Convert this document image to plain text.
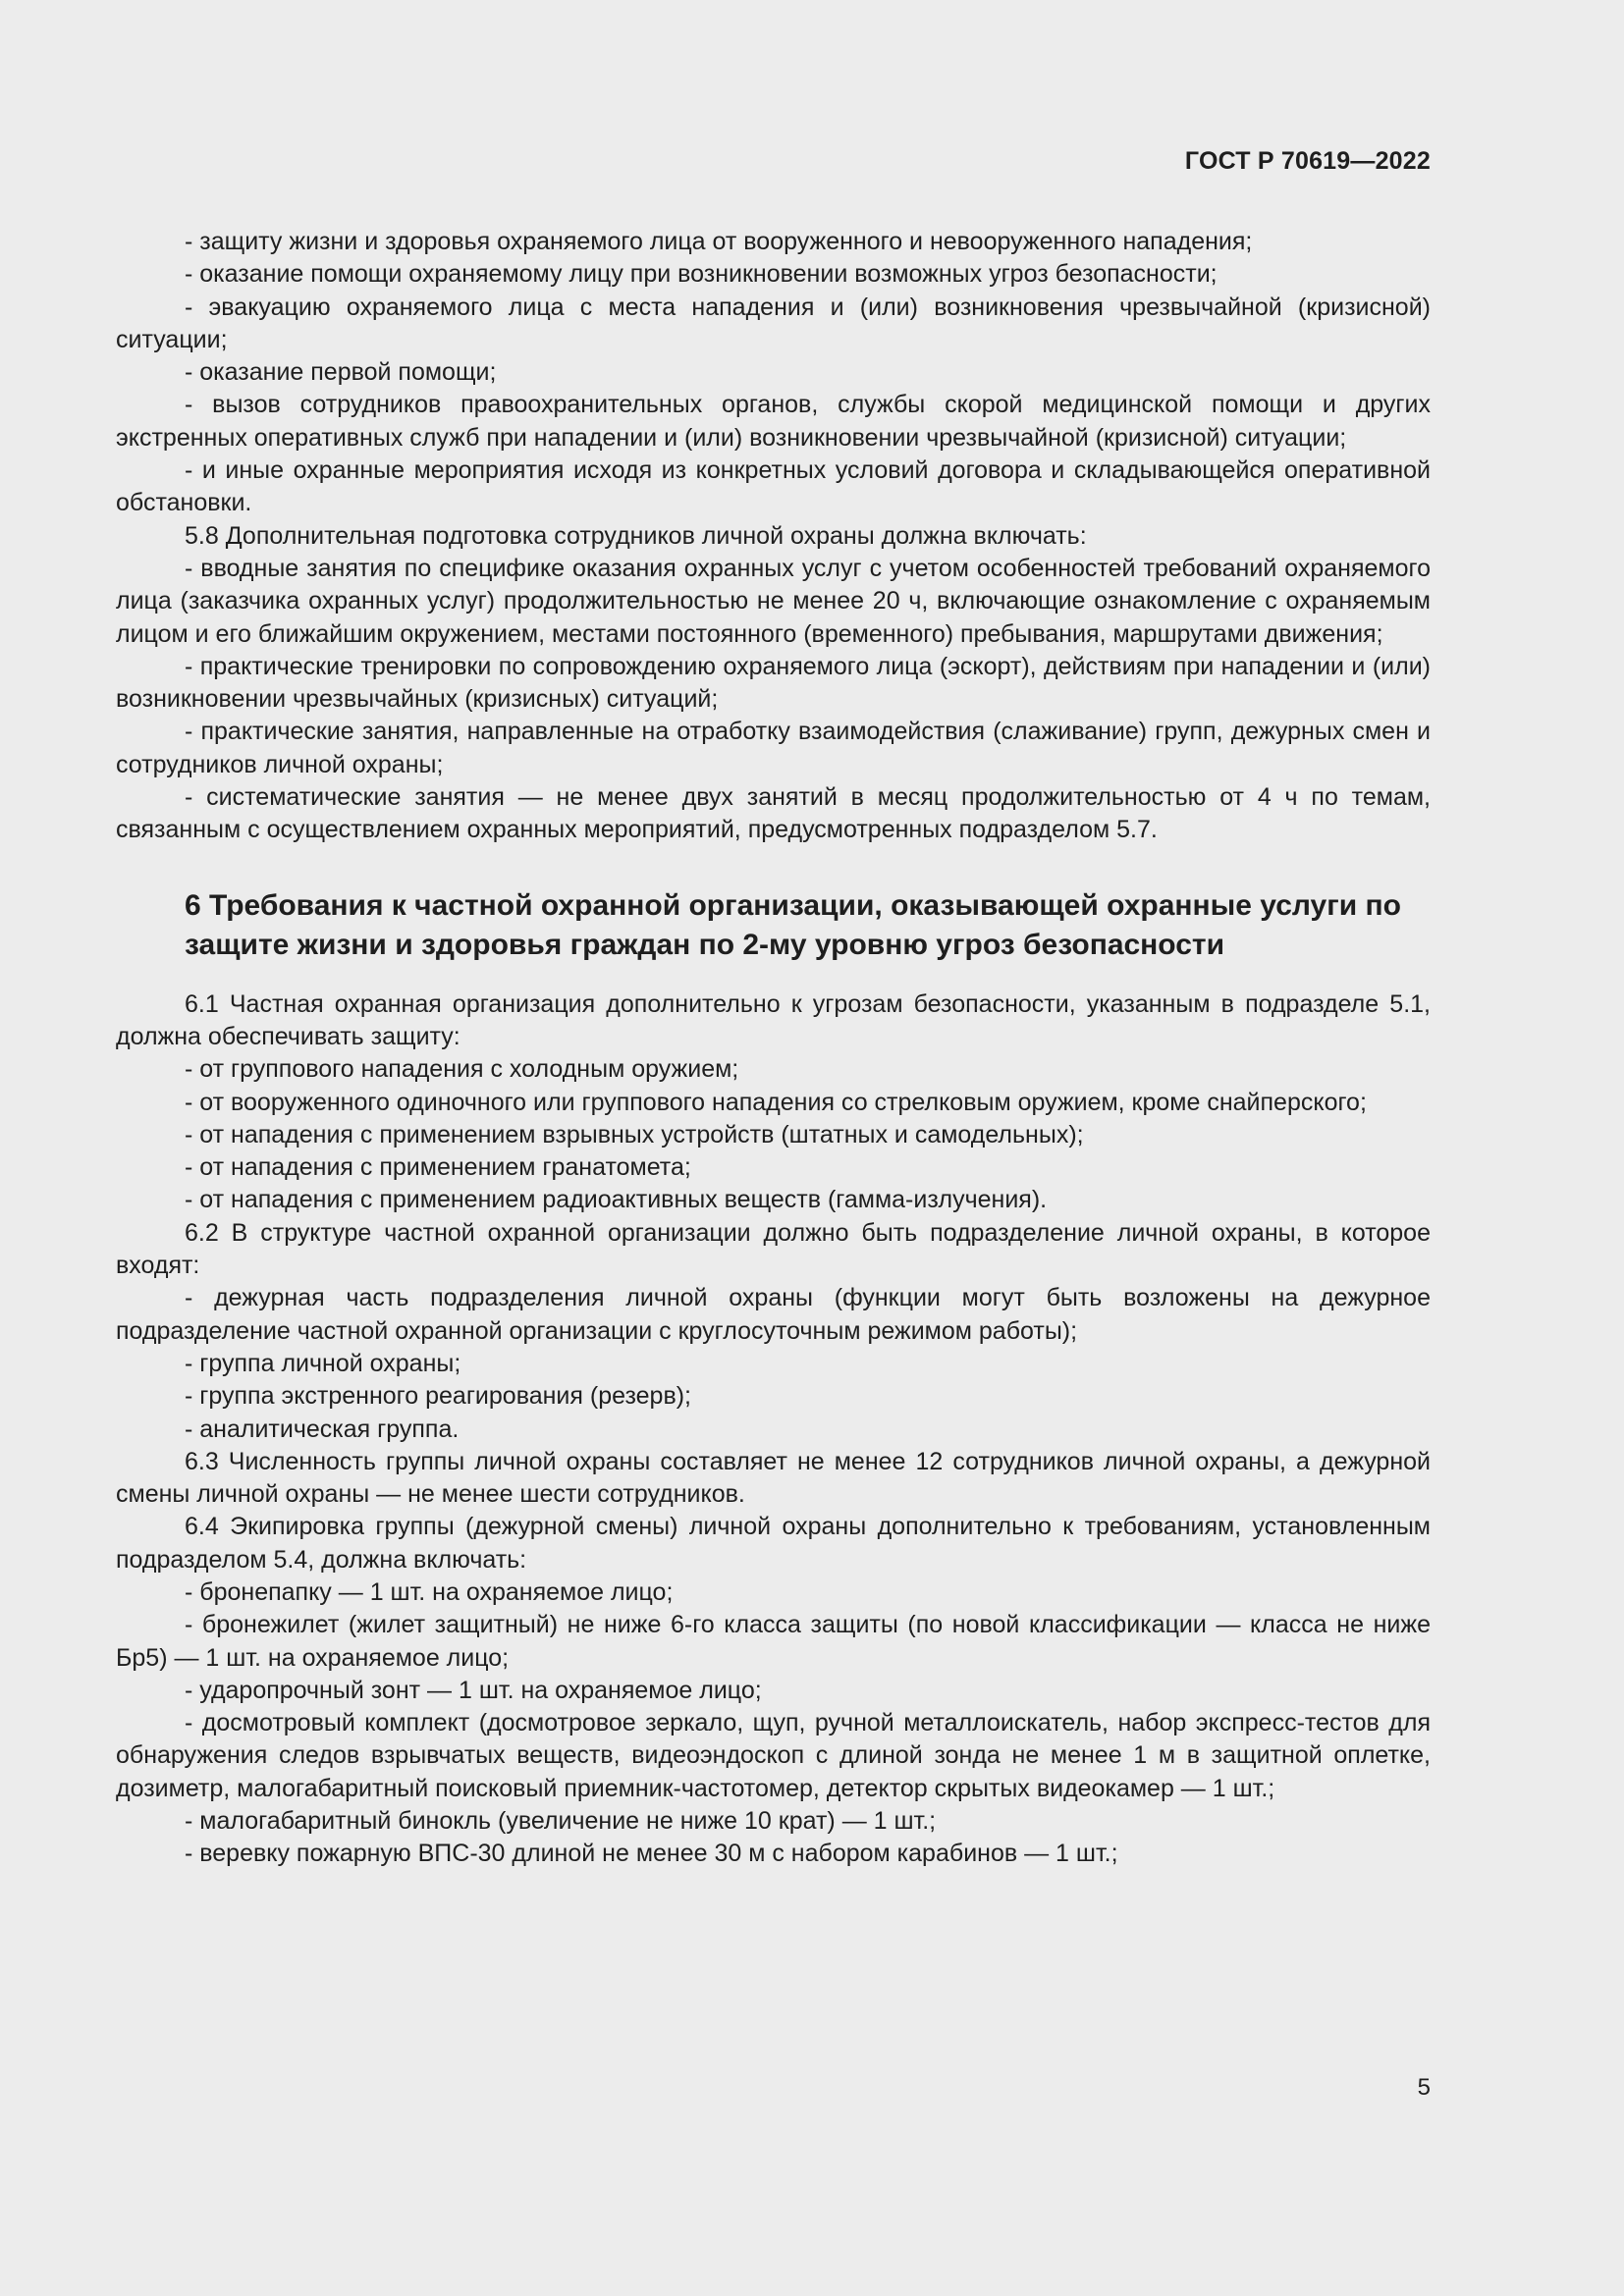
ГОСТ Р 70619—2022

- защиту жизни и здоровья охраняемого лица от вооруженного и невооруженного нападения;

- оказание помощи охраняемому лицу при возникновении возможных угроз безопасности;

- эвакуацию охраняемого лица с места нападения и (или) возникновения чрезвычайной (кризисной) ситуации;

- оказание первой помощи;

- вызов сотрудников правоохранительных органов, службы скорой медицинской помощи и других экстренных оперативных служб при нападении и (или) возникновении чрезвычайной (кризисной) ситуации;

- и иные охранные мероприятия исходя из конкретных условий договора и складывающейся оперативной обстановки.

5.8 Дополнительная подготовка сотрудников личной охраны должна включать:

- вводные занятия по специфике оказания охранных услуг с учетом особенностей требований охраняемого лица (заказчика охранных услуг) продолжительностью не менее 20 ч, включающие ознакомление с охраняемым лицом и его ближайшим окружением, местами постоянного (временного) пребывания, маршрутами движения;

- практические тренировки по сопровождению охраняемого лица (эскорт), действиям при нападении и (или) возникновении чрезвычайных (кризисных) ситуаций;

- практические занятия, направленные на отработку взаимодействия (слаживание) групп, дежурных смен и сотрудников личной охраны;

- систематические занятия — не менее двух занятий в месяц продолжительностью от 4 ч по темам, связанным с осуществлением охранных мероприятий, предусмотренных подразделом 5.7.

6 Требования к частной охранной организации, оказывающей охранные услуги по защите жизни и здоровья граждан по 2-му уровню угроз безопасности

6.1 Частная охранная организация дополнительно к угрозам безопасности, указанным в подразделе 5.1, должна обеспечивать защиту:

- от группового нападения с холодным оружием;

- от вооруженного одиночного или группового нападения со стрелковым оружием, кроме снайперского;

- от нападения с применением взрывных устройств (штатных и самодельных);

- от нападения с применением гранатомета;

- от нападения с применением радиоактивных веществ (гамма-излучения).

6.2 В структуре частной охранной организации должно быть подразделение личной охраны, в которое входят:

- дежурная часть подразделения личной охраны (функции могут быть возложены на дежурное подразделение частной охранной организации с круглосуточным режимом работы);

- группа личной охраны;

- группа экстренного реагирования (резерв);

- аналитическая группа.

6.3 Численность группы личной охраны составляет не менее 12 сотрудников личной охраны, а дежурной смены личной охраны — не менее шести сотрудников.

6.4 Экипировка группы (дежурной смены) личной охраны дополнительно к требованиям, установленным подразделом 5.4, должна включать:

- бронепапку — 1 шт. на охраняемое лицо;

- бронежилет (жилет защитный) не ниже 6-го класса защиты (по новой классификации — класса не ниже Бр5) — 1 шт. на охраняемое лицо;

- ударопрочный зонт — 1 шт. на охраняемое лицо;

- досмотровый комплект (досмотровое зеркало, щуп, ручной металлоискатель, набор экспресс-тестов для обнаружения следов взрывчатых веществ, видеоэндоскоп с длиной зонда не менее 1 м в защитной оплетке, дозиметр, малогабаритный поисковый приемник-частотомер, детектор скрытых видеокамер — 1 шт.;

- малогабаритный бинокль (увеличение не ниже 10 крат) — 1 шт.;

- веревку пожарную ВПС-30 длиной не менее 30 м с набором карабинов — 1 шт.;

5
